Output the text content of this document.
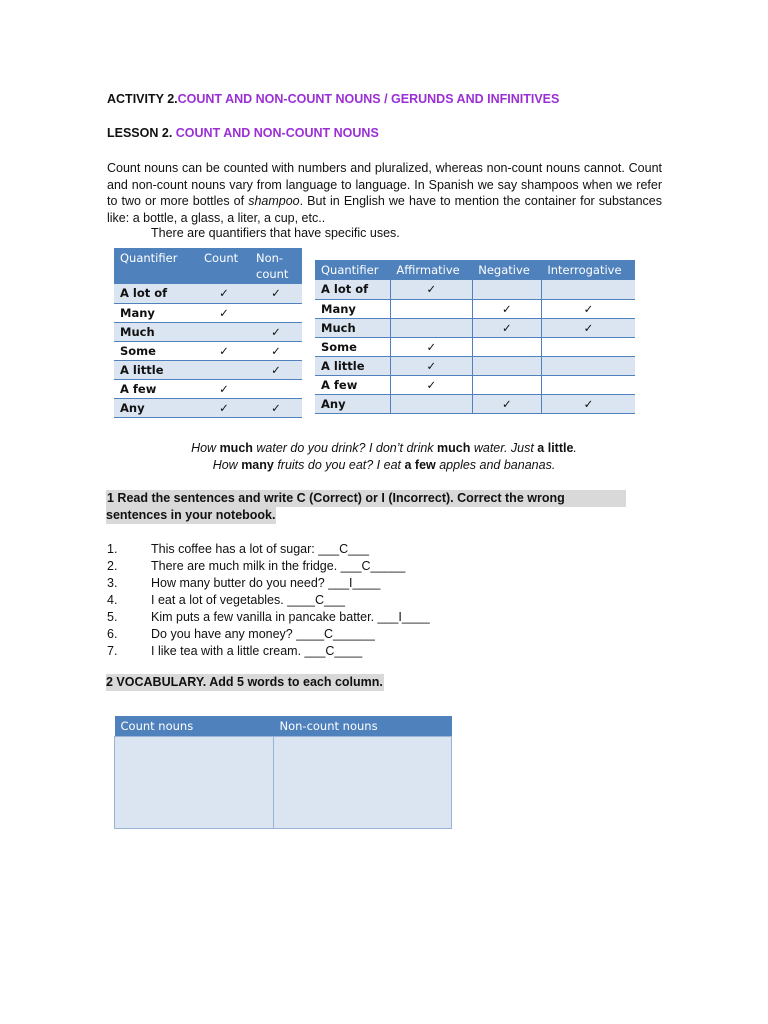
ACTIVITY 2.COUNT AND NON-COUNT NOUNS / GERUNDS AND INFINITIVES
LESSON 2. COUNT AND NON-COUNT NOUNS
Count nouns can be counted with numbers and pluralized, whereas non-count nouns cannot. Count and non-count nouns vary from language to language. In Spanish we say shampoos when we refer to two or more bottles of shampoo. But in English we have to mention the container for substances like: a bottle, a glass, a liter, a cup, etc..
There are quantifiers that have specific uses.
Quantifier	Count	Non-
count
A lot of	✓	✓
Many	✓	
Much		✓
Some	✓	✓
A little		✓
A few	✓	
Any	✓	✓
Quantifier	Affirmative	Negative	Interrogative
A lot of	✓		
Many		✓	✓
Much		✓	✓
Some	✓		
A little	✓		
A few	✓		
Any		✓	✓
How much water do you drink? I don’t drink much water. Just a little.
How many fruits do you eat? I eat a few apples and bananas.
1 Read the sentences and write C (Correct) or I (Incorrect). Correct the wrong
sentences in your notebook.
1.	This coffee has a lot of sugar: ___C___
2.	There are much milk in the fridge. ___C_____
3.	How many butter do you need? ___I____
4.	I eat a lot of vegetables. ____C___
5.	Kim puts a few vanilla in pancake batter. ___I____
6.	Do you have any money? ____C______
7.	I like tea with a little cream. ___C____
2 VOCABULARY. Add 5 words to each column.
Count nouns	Non-count nouns
